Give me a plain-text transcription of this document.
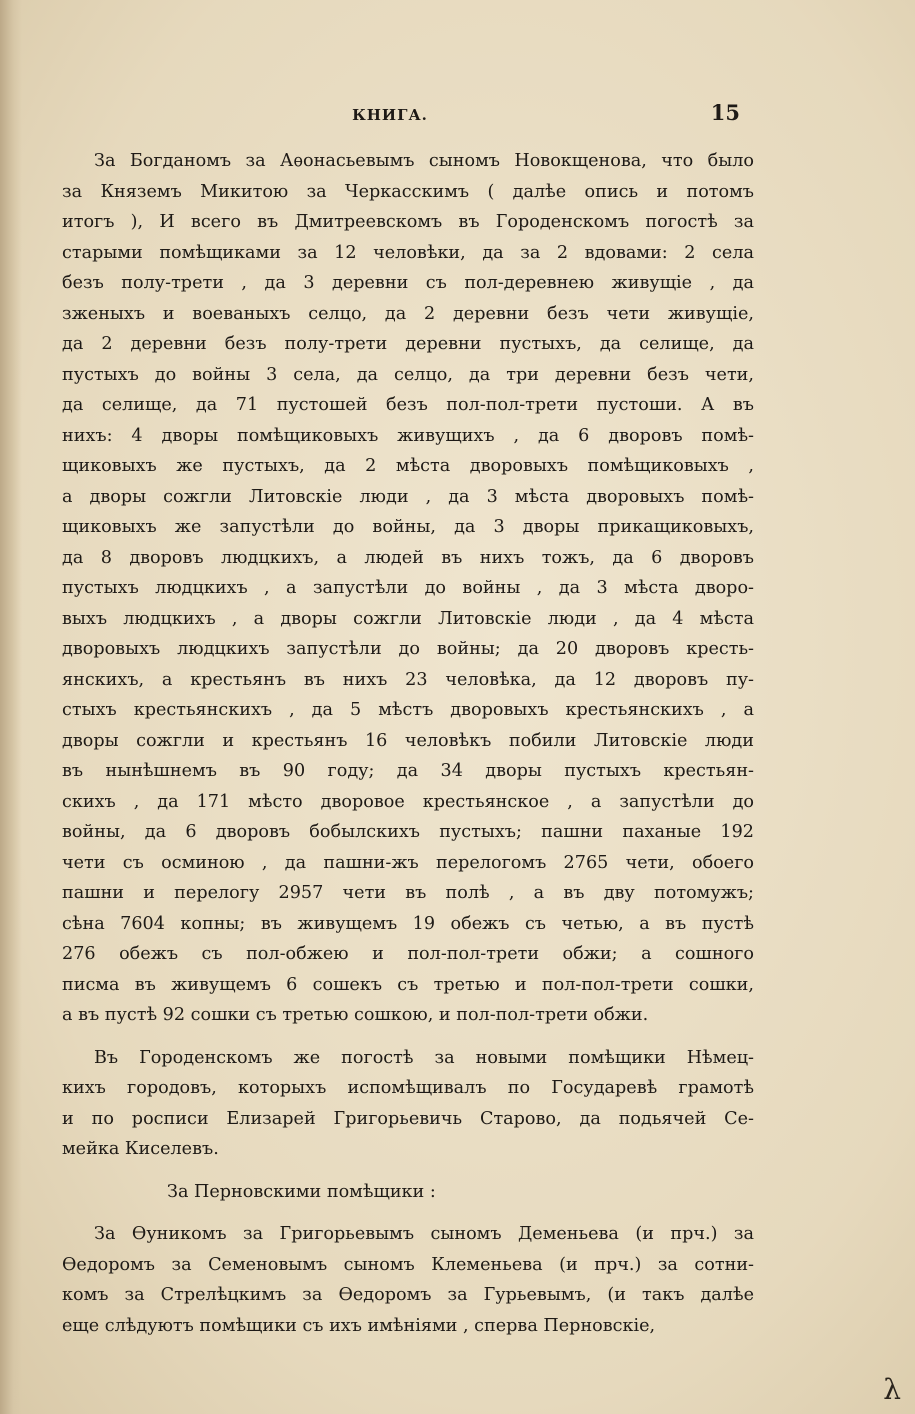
КНИГА.	15
За Богданомъ за Аѳонасьевымъ сыномъ Новокщенова, что было
за Княземъ Микитою за Черкасскимъ ( далѣе опись и потомъ
итогъ ), И всего въ Дмитреевскомъ въ Городенскомъ погостѣ за
старыми помѣщиками за 12 человѣки, да за 2 вдовами: 2 села
безъ полу-трети , да 3 деревни съ пол-деревнею живущіе , да
зженыхъ и воеваныхъ селцо, да 2 деревни безъ чети живущіе,
да 2 деревни безъ полу-трети деревни пустыхъ, да селище, да
пустыхъ до войны 3 села, да селцо, да три деревни безъ чети,
да селище, да 71 пустошей безъ пол-пол-трети пустоши. А въ
нихъ: 4 дворы помѣщиковыхъ живущихъ , да 6 дворовъ помѣ-
щиковыхъ же пустыхъ, да 2 мѣста дворовыхъ помѣщиковыхъ ,
а дворы сожгли Литовскіе люди , да 3 мѣста дворовыхъ помѣ-
щиковыхъ же запустѣли до войны, да 3 дворы прикащиковыхъ,
да 8 дворовъ людцкихъ, а людей въ нихъ тожъ, да 6 дворовъ
пустыхъ людцкихъ , а запустѣли до войны , да 3 мѣста дворо-
выхъ людцкихъ , а дворы сожгли Литовскіе люди , да 4 мѣста
дворовыхъ людцкихъ запустѣли до войны; да 20 дворовъ кресть-
янскихъ, а крестьянъ въ нихъ 23 человѣка, да 12 дворовъ пу-
стыхъ крестьянскихъ , да 5 мѣстъ дворовыхъ крестьянскихъ , а
дворы сожгли и крестьянъ 16 человѣкъ побили Литовскіе люди
въ нынѣшнемъ въ 90 году; да 34 дворы пустыхъ крестьян-
скихъ , да 171 мѣсто дворовое крестьянское , а запустѣли до
войны, да 6 дворовъ бобылскихъ пустыхъ; пашни паханые 192
чети съ осминою , да пашни-жъ перелогомъ 2765 чети, обоего
пашни и перелогу 2957 чети въ полѣ , а въ дву потомужъ;
сѣна 7604 копны; въ живущемъ 19 обежъ съ четью, а въ пустѣ
276 обежъ съ пол-обжею и пол-пол-трети обжи; а сошного
писма въ живущемъ 6 сошекъ съ третью и пол-пол-трети сошки,
а въ пустѣ 92 сошки съ третью сошкою, и пол-пол-трети обжи.
Въ Городенскомъ же погостѣ за новыми помѣщики Нѣмец-
кихъ городовъ, которыхъ испомѣщивалъ по Государевѣ грамотѣ
и по росписи Елизарей Григорьевичь Старово, да подьячей Се-
мейка Киселевъ.
За Перновскими помѣщики :
За Ѳуникомъ за Григорьевымъ сыномъ Деменьева (и прч.) за
Ѳедоромъ за Семеновымъ сыномъ Клеменьева (и прч.) за сотни-
комъ за Стрелѣцкимъ за Ѳедоромъ за Гурьевымъ, (и такъ далѣе
еще слѣдуютъ помѣщики съ ихъ имѣніями , сперва Перновскіе,
λ
